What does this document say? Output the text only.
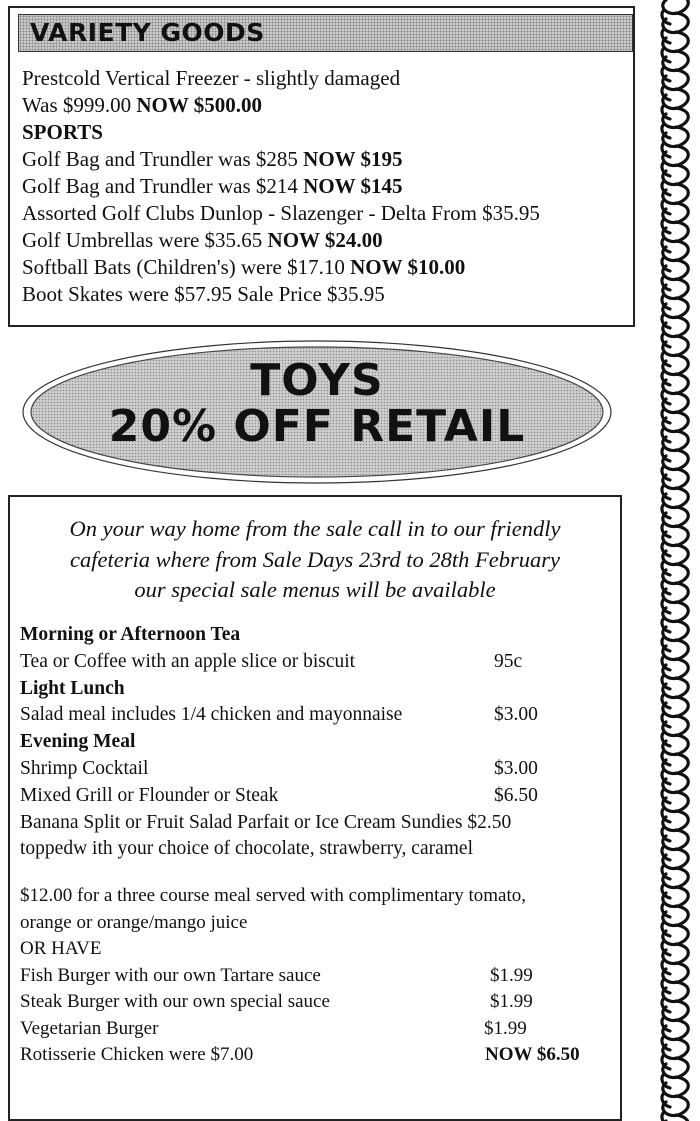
VARIETY GOODS
Prestcold Vertical Freezer - slightly damaged
Was $999.00 NOW $500.00
SPORTS
Golf Bag and Trundler was $285 NOW $195
Golf Bag and Trundler was $214 NOW $145
Assorted Golf Clubs Dunlop - Slazenger - Delta From $35.95
Golf Umbrellas were $35.65 NOW $24.00
Softball Bats (Children's) were $17.10 NOW $10.00
Boot Skates were $57.95 Sale Price $35.95
TOYS
20% OFF RETAIL
On your way home from the sale call in to our friendly
cafeteria where from Sale Days 23rd to 28th February
our special sale menus will be available
Morning or Afternoon Tea
Tea or Coffee with an apple slice or biscuit	95c
Light Lunch
Salad meal includes 1/4 chicken and mayonnaise	$3.00
Evening Meal
Shrimp Cocktail	$3.00
Mixed Grill or Flounder or Steak	$6.50
Banana Split or Fruit Salad Parfait or Ice Cream Sundies $2.50
toppedw ith your choice of chocolate, strawberry, caramel
$12.00 for a three course meal served with complimentary tomato,
orange or orange/mango juice
OR HAVE
Fish Burger with our own Tartare sauce	$1.99
Steak Burger with our own special sauce	$1.99
Vegetarian Burger	$1.99
Rotisserie Chicken were $7.00	NOW $6.50
